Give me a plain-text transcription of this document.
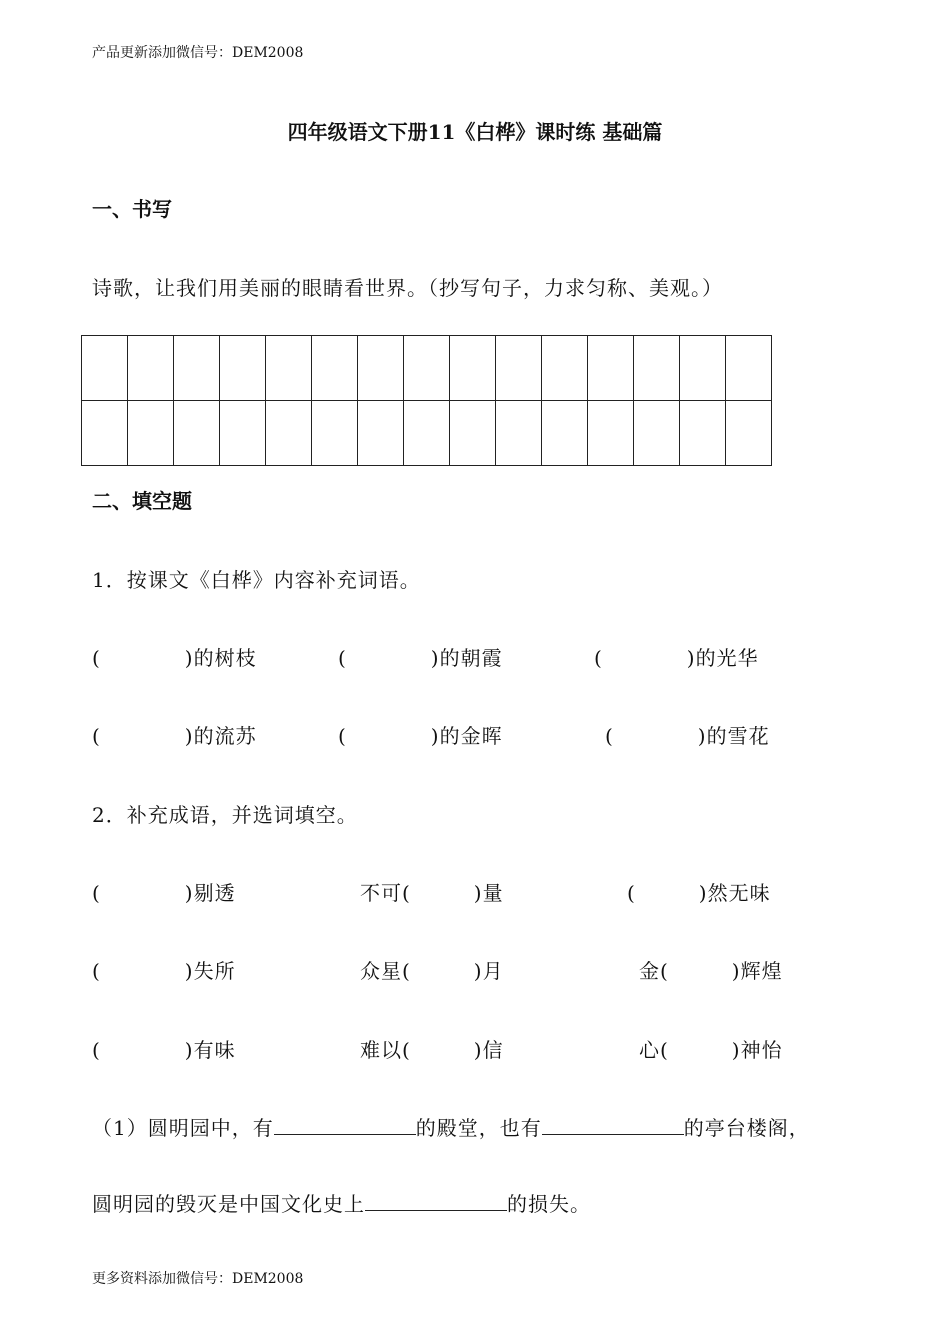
产品更新添加微信号：DEM2008
四年级语文下册11《白桦》课时练 基础篇
一、书写
诗歌，让我们用美丽的眼睛看世界。（抄写句子，力求匀称、美观。）

二、填空题
1．按课文《白桦》内容补充词语。
(　　　　)的树枝	(　　　　)的朝霞	(　　　　)的光华
(　　　　)的流苏	(　　　　)的金晖	(　　　　)的雪花
2．补充成语，并选词填空。
(　　　　)剔透	不可(　　　)量	(　　　)然无味
(　　　　)失所	众星(　　　)月	金(　　　)辉煌
(　　　　)有味	难以(　　　)信	心(　　　)神怡
（1）圆明园中，有	的殿堂，也有	的亭台楼阁，
圆明园的毁灭是中国文化史上	的损失。
更多资料添加微信号：DEM2008
